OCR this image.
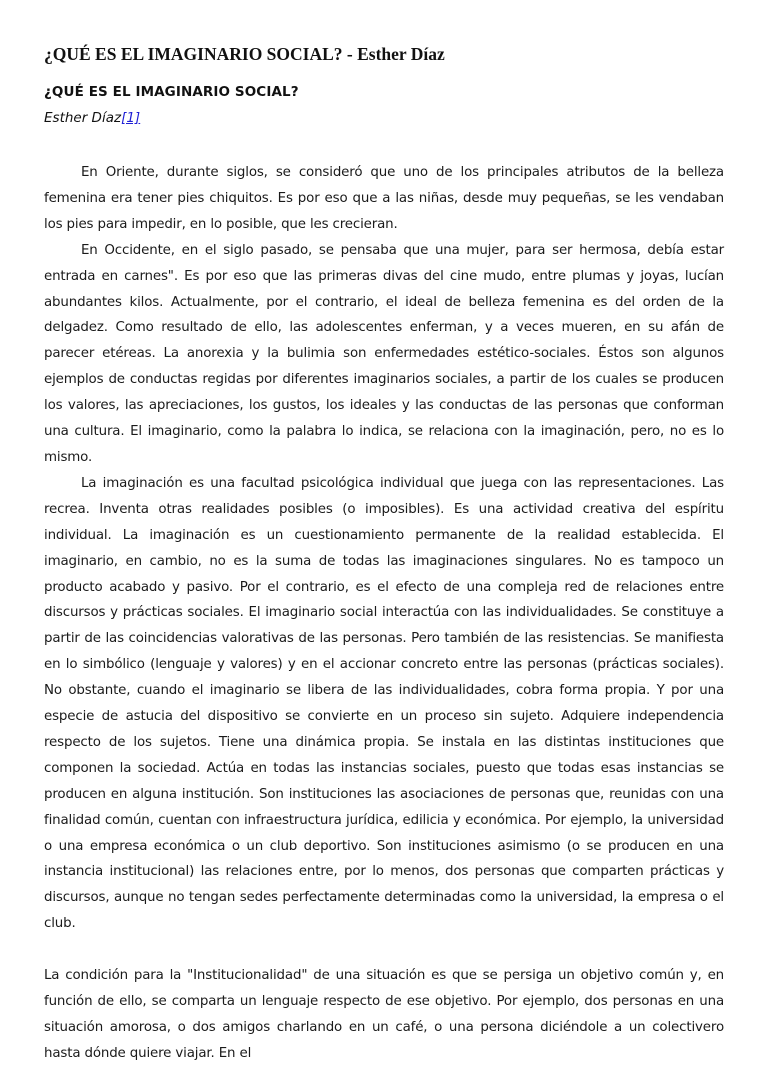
¿QUÉ ES EL IMAGINARIO SOCIAL? - Esther Díaz
¿QUÉ ES EL IMAGINARIO SOCIAL?
Esther Díaz[1]

En Oriente, durante siglos, se consideró que uno de los principales atributos de la belleza femenina era tener pies chiquitos. Es por eso que a las niñas, desde muy pequeñas, se les vendaban los pies para impedir, en lo posible, que les crecieran.

En Occidente, en el siglo pasado, se pensaba que una mujer, para ser hermosa, debía estar entrada en carnes". Es por eso que las primeras divas del cine mudo, entre plumas y joyas, lucían abundantes kilos. Actualmente, por el contrario, el ideal de belleza femenina es del orden de la delgadez. Como resultado de ello, las adolescentes enferman, y a veces mueren, en su afán de parecer etéreas. La anorexia y la bulimia son enfermedades estético-sociales. Éstos son algunos ejemplos de conductas regidas por diferentes imaginarios sociales, a partir de los cuales se producen los valores, las apreciaciones, los gustos, los ideales y las conductas de las personas que conforman una cultura. El imaginario, como la palabra lo indica, se relaciona con la imaginación, pero, no es lo mismo.

La imaginación es una facultad psicológica individual que juega con las representaciones. Las recrea. Inventa otras realidades posibles (o imposibles). Es una actividad creativa del espíritu individual. La imaginación es un cuestionamiento permanente de la realidad establecida. El imaginario, en cambio, no es la suma de todas las imaginaciones singulares. No es tampoco un producto acabado y pasivo. Por el contrario, es el efecto de una compleja red de relaciones entre discursos y prácticas sociales. El imaginario social interactúa con las individualidades. Se constituye a partir de las coincidencias valorativas de las personas. Pero también de las resistencias. Se manifiesta en lo simbólico (lenguaje y valores) y en el accionar concreto entre las personas (prácticas sociales). No obstante, cuando el imaginario se libera de las individualidades, cobra forma propia. Y por una especie de astucia del dispositivo se convierte en un proceso sin sujeto. Adquiere independencia respecto de los sujetos. Tiene una dinámica propia. Se instala en las distintas instituciones que componen la sociedad. Actúa en todas las instancias sociales, puesto que todas esas instancias se producen en alguna institución. Son instituciones las asociaciones de personas que, reunidas con una finalidad común, cuentan con infraestructura jurídica, edilicia y económica. Por ejemplo, la universidad o una empresa económica o un club deportivo. Son instituciones asimismo (o se producen en una instancia institucional) las relaciones entre, por lo menos, dos personas que comparten prácticas y discursos, aunque no tengan sedes perfectamente determinadas como la universidad, la empresa o el club.

La condición para la "Institucionalidad" de una situación es que se persiga un objetivo común y, en función de ello, se comparta un lenguaje respecto de ese objetivo. Por ejemplo, dos personas en una situación amorosa, o dos amigos charlando en un café, o una persona diciéndole a un colectivero hasta dónde quiere viajar. En el
